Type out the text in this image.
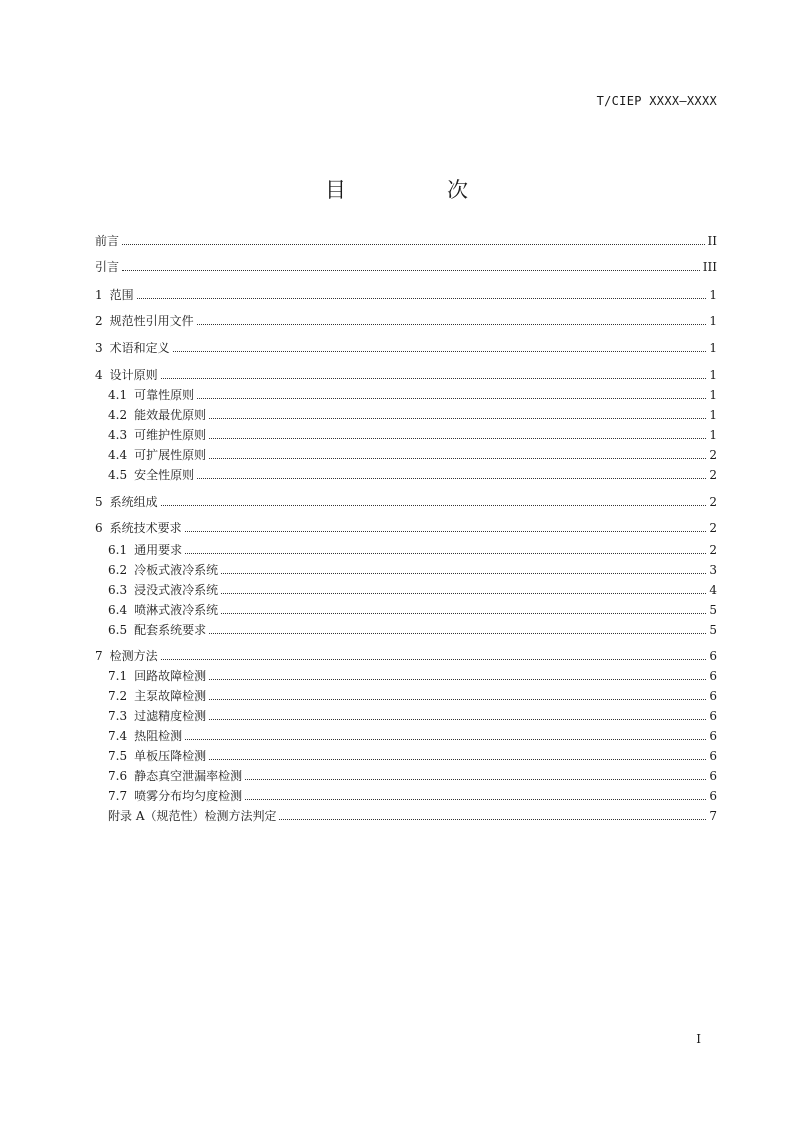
T/CIEP XXXX—XXXX
目　次
前言	II
引言	III
1 范围	1
2 规范性引用文件	1
3 术语和定义	1
4 设计原则	1
4.1 可靠性原则	1
4.2 能效最优原则	1
4.3 可维护性原则	1
4.4 可扩展性原则	2
4.5 安全性原则	2
5 系统组成	2
6 系统技术要求	2
6.1 通用要求	2
6.2 冷板式液冷系统	3
6.3 浸没式液冷系统	4
6.4 喷淋式液冷系统	5
6.5 配套系统要求	5
7 检测方法	6
7.1 回路故障检测	6
7.2 主泵故障检测	6
7.3 过滤精度检测	6
7.4 热阻检测	6
7.5 单板压降检测	6
7.6 静态真空泄漏率检测	6
7.7 喷雾分布均匀度检测	6
附录 A（规范性）检测方法判定	7
I
